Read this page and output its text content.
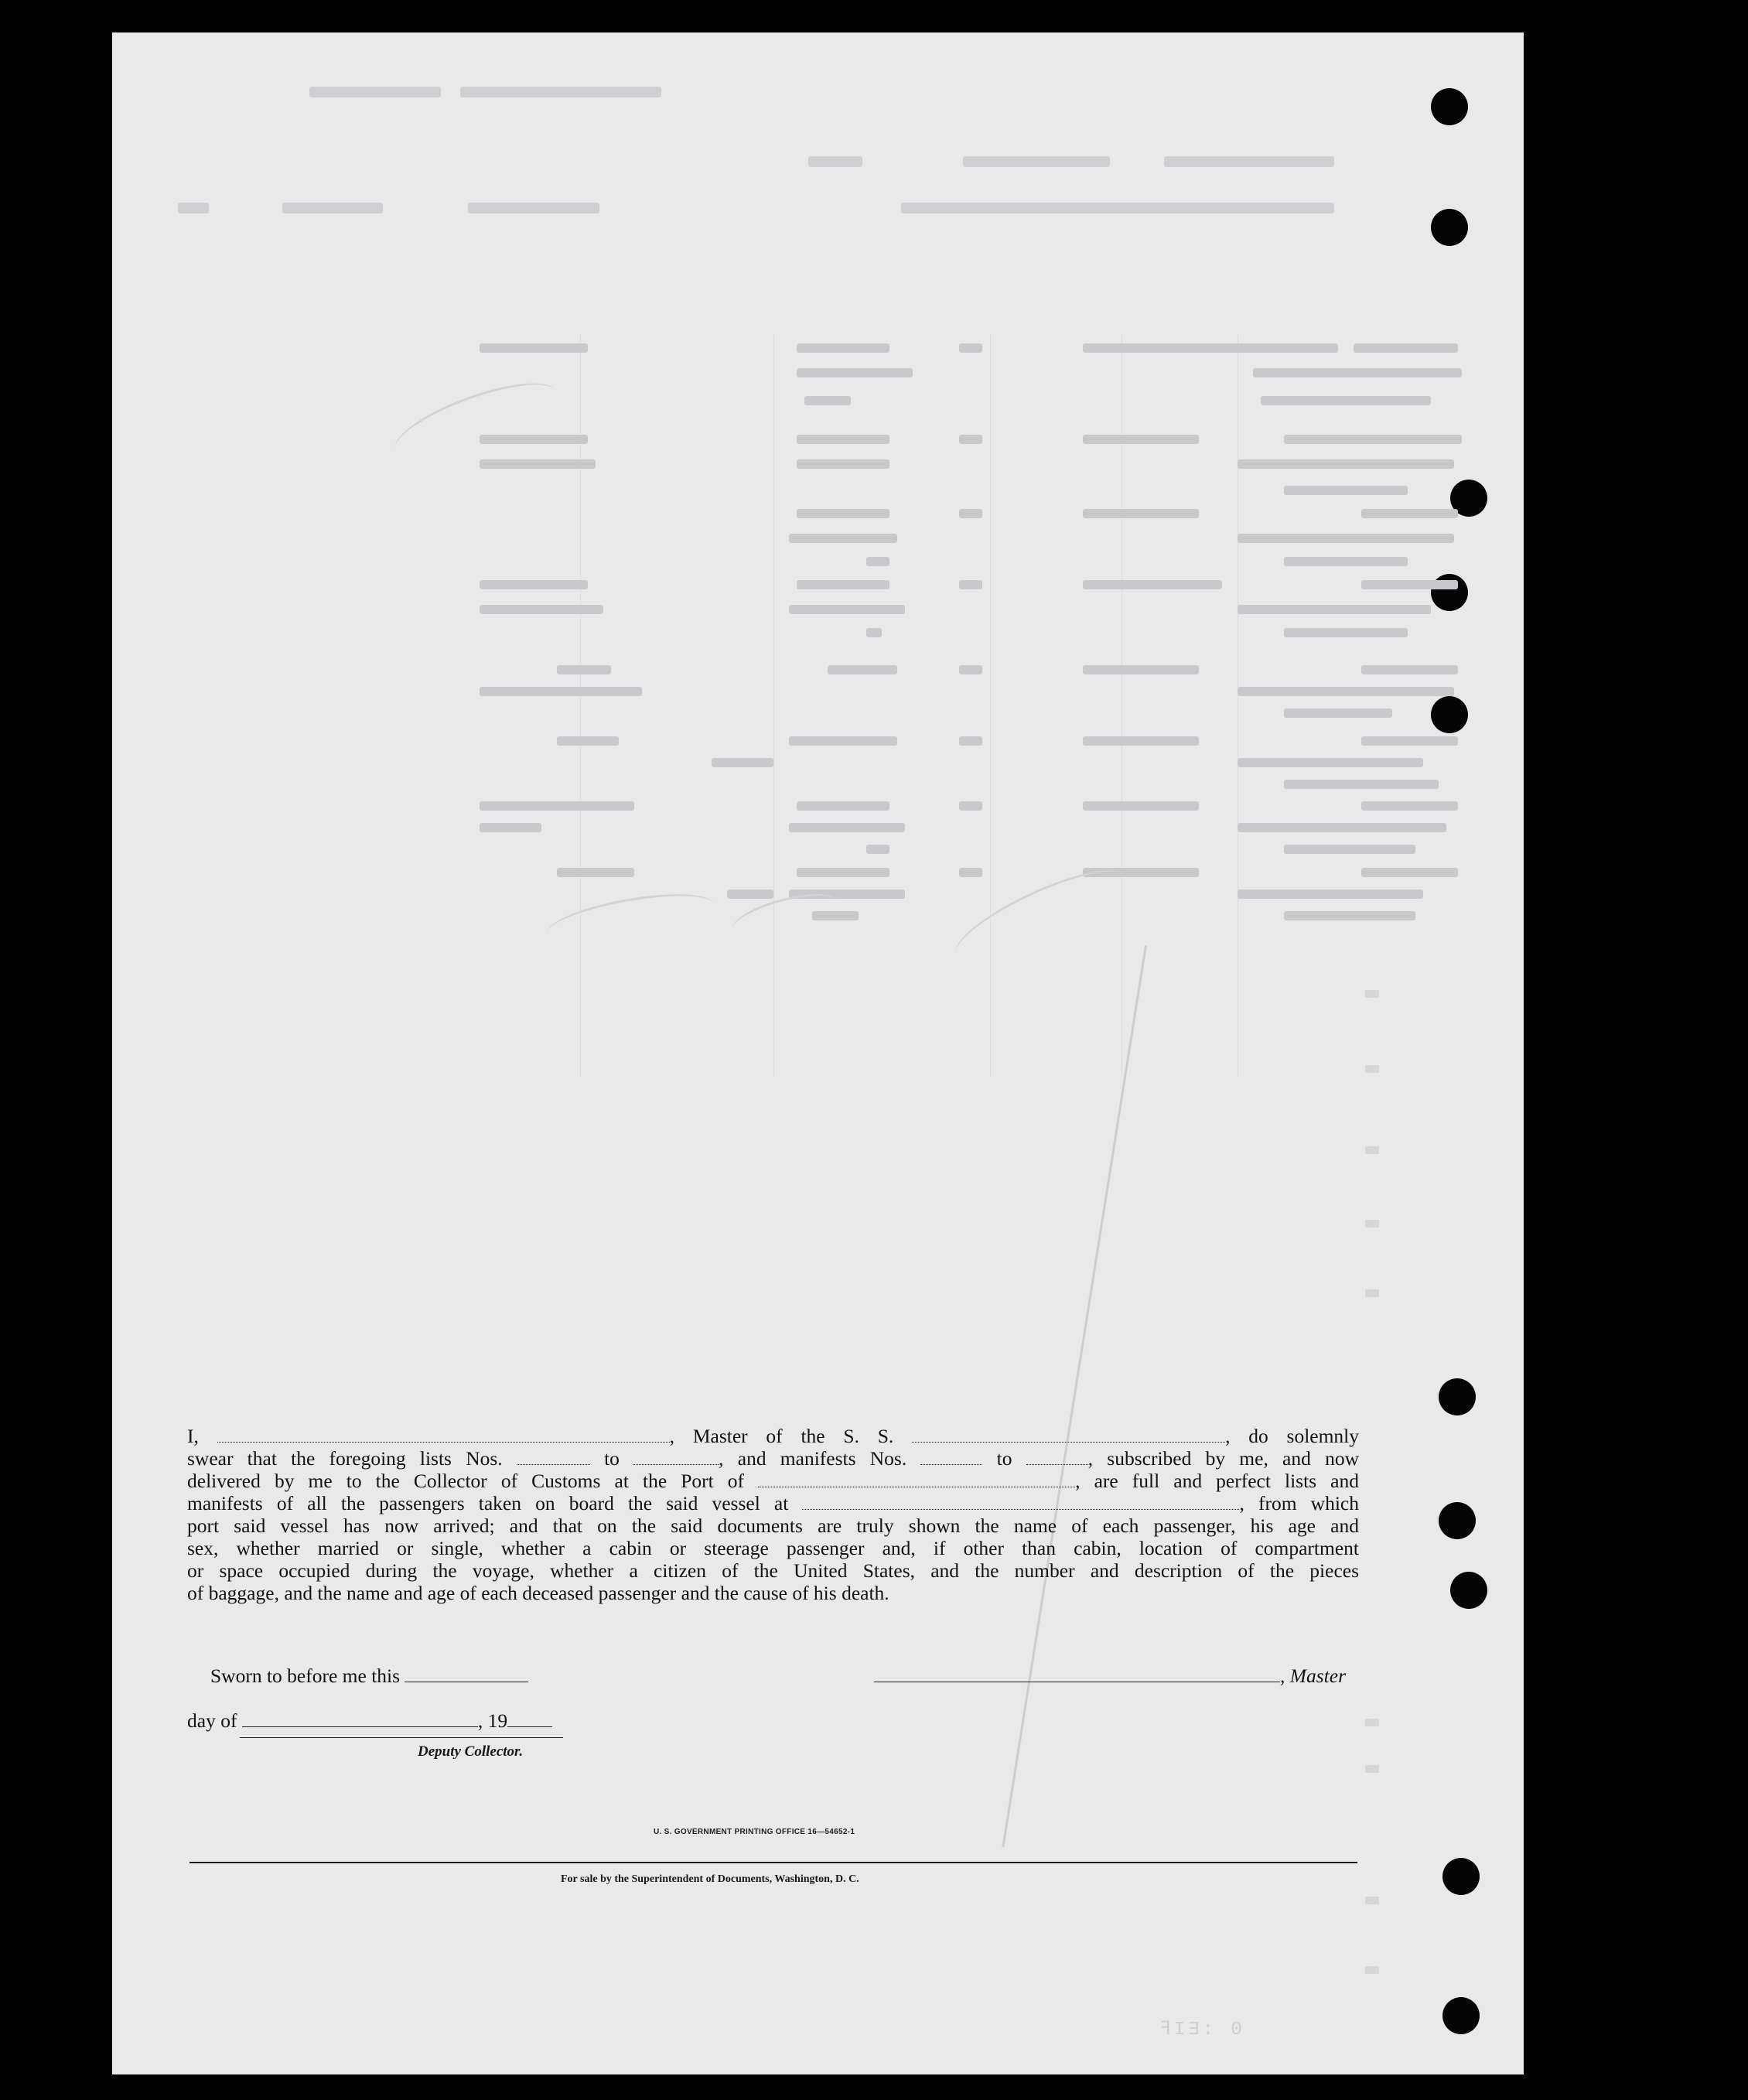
ꟻIƎ: 0
I,	, Master of the S. S.	, do solemnly
swear that the foregoing lists Nos.	to	, and manifests Nos.	to	, subscribed by me, and now
delivered by me to the Collector of Customs at the Port of	, are full and perfect lists and
manifests of all the passengers taken on board the said vessel at	, from which
port said vessel has now arrived; and that on the said documents are truly shown the name of each passenger, his age and
sex, whether married or single, whether a cabin or steerage passenger and, if other than cabin, location of compartment
or space occupied during the voyage, whether a citizen of the United States, and the number and description of the pieces
of baggage, and the name and age of each deceased passenger and the cause of his death.
Sworn to before me this	, Master
day of	, 19
Deputy Collector.
U. S. GOVERNMENT PRINTING OFFICE 16—54652-1
For sale by the Superintendent of Documents, Washington, D. C.
